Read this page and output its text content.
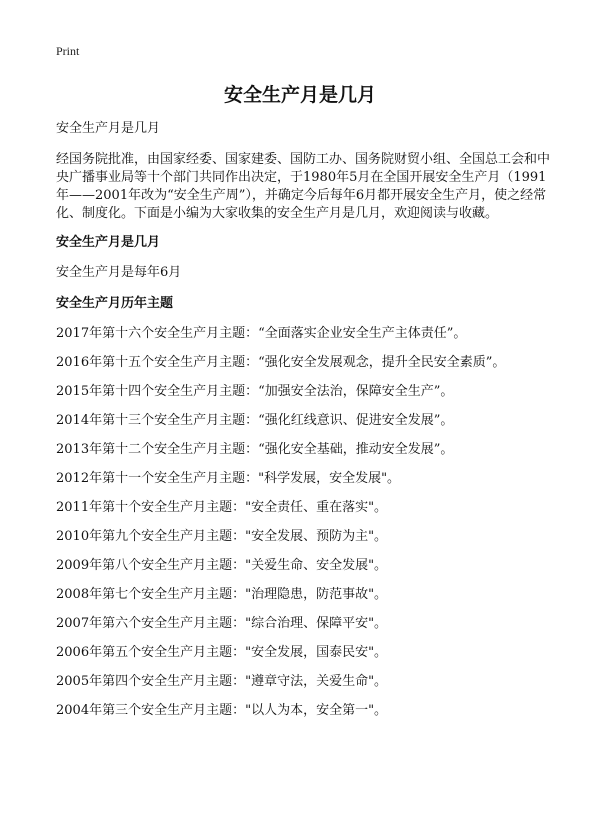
Print
安全生产月是几月

安全生产月是几月

经国务院批准，由国家经委、国家建委、国防工办、国务院财贸小组、全国总工会和中央广播事业局等十个部门共同作出决定，于1980年5月在全国开展安全生产月（1991年——2001年改为“安全生产周”），并确定今后每年6月都开展安全生产月，使之经常化、制度化。下面是小编为大家收集的安全生产月是几月，欢迎阅读与收藏。

安全生产月是几月

安全生产月是每年6月

安全生产月历年主题

2017年第十六个安全生产月主题：“全面落实企业安全生产主体责任”。
2016年第十五个安全生产月主题：“强化安全发展观念，提升全民安全素质”。
2015年第十四个安全生产月主题：“加强安全法治，保障安全生产”。
2014年第十三个安全生产月主题：“强化红线意识、促进安全发展”。
2013年第十二个安全生产月主题：“强化安全基础，推动安全发展”。
2012年第十一个安全生产月主题："科学发展，安全发展"。
2011年第十个安全生产月主题："安全责任、重在落实"。
2010年第九个安全生产月主题："安全发展、预防为主"。
2009年第八个安全生产月主题："关爱生命、安全发展"。
2008年第七个安全生产月主题："治理隐患，防范事故"。
2007年第六个安全生产月主题："综合治理、保障平安"。
2006年第五个安全生产月主题："安全发展，国泰民安"。
2005年第四个安全生产月主题："遵章守法，关爱生命"。
2004年第三个安全生产月主题："以人为本，安全第一"。
